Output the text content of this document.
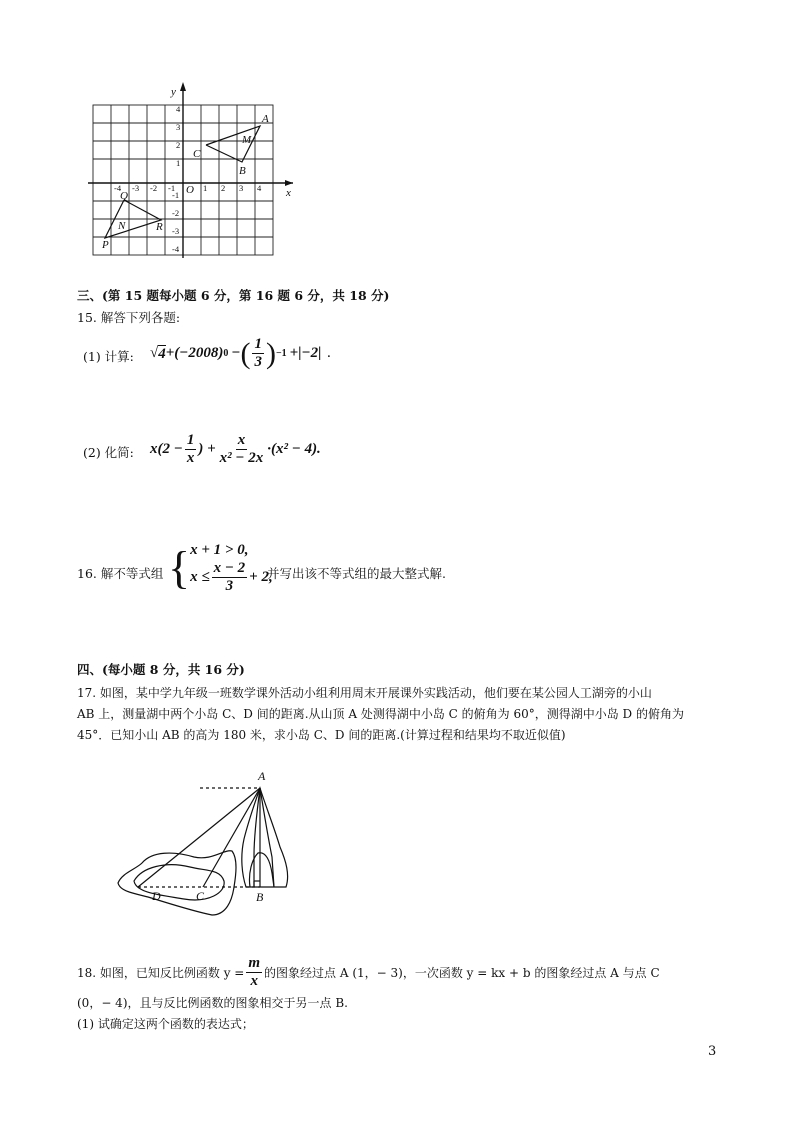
y
x
O
A
B
C
M
P
Q
R
N
-4 -3 -2 -1	1 2 3 4
4
3
2
1
-1
-2
-3
-4
三、(第 15 题每小题 6 分，第 16 题 6 分，共 18 分)
15. 解答下列各题:
(1) 计算: √ 4 +(−2008) 0 − ( $\frac{1}{3}$ ) −1 +|−2| .
(2) 化简: $x(2 - \frac{1}{x}$ ) + $\frac{x}{\text{x² − 2x}} \cdot(x^2 - 4)$.
16. 解不等式组 { x + 1 > 0,
$x \le \frac{x - 2}{3} + 2$,
并写出该不等式组的最大整式解.
四、(每小题 8 分，共 16 分)
17. 如图，某中学九年级一班数学课外活动小组利用周末开展课外实践活动，他们要在某公园人工湖旁的小山
AB 上，测量湖中两个小岛 C、D 间的距离.从山顶 A 处测得湖中小岛 C 的俯角为 60°，测得湖中小岛 D 的俯角为
45°．已知小山 AB 的高为 180 米，求小岛 C、D 间的距离.(计算过程和结果均不取近似值)
A
B
C
D
18. 如图，已知反比例函数 $y = \frac{m}{x}$ 的图象经过点 A (1，− 3)，一次函数 y = kx + b 的图象经过点 A 与点 C
(0，− 4)，且与反比例函数的图象相交于另一点 B.
(1) 试确定这两个函数的表达式；
3
